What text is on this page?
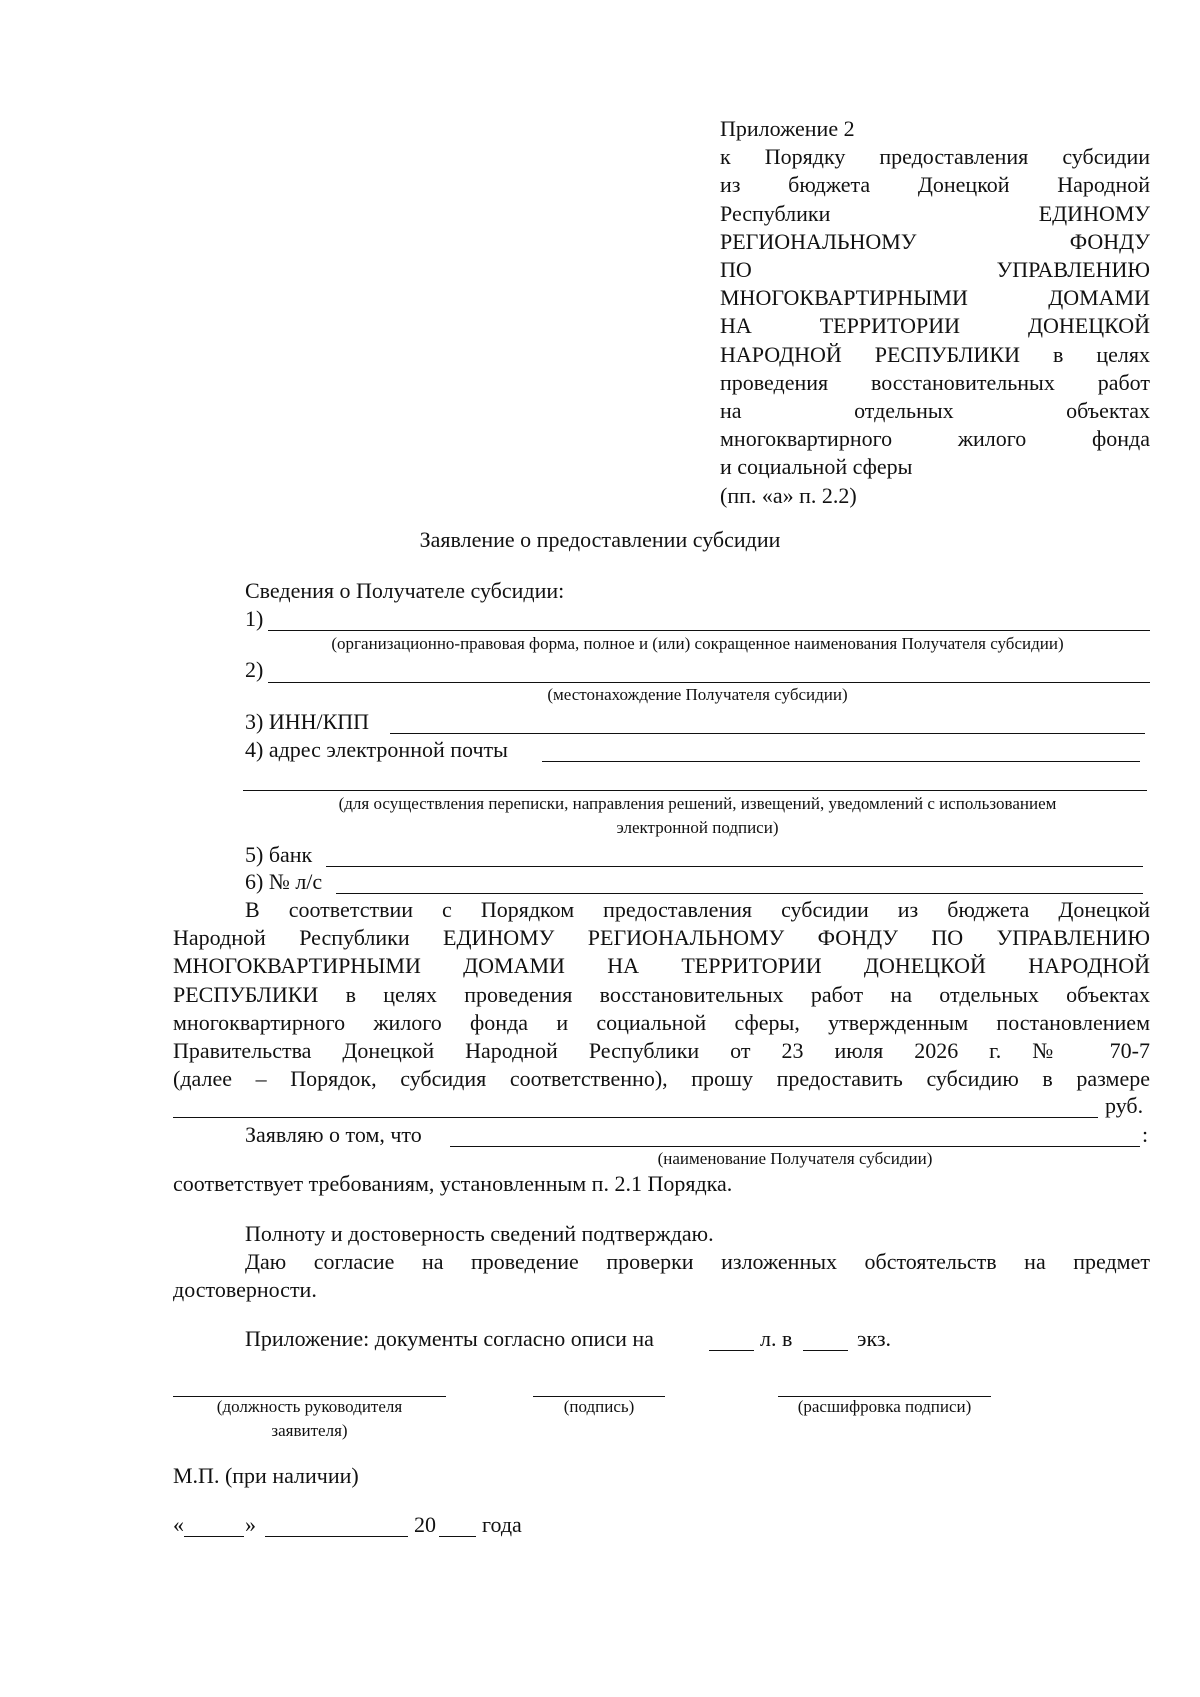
Приложение 2
к Порядку предоставления субсидии
из бюджета Донецкой Народной
Республики ЕДИНОМУ
РЕГИОНАЛЬНОМУ ФОНДУ
ПО УПРАВЛЕНИЮ
МНОГОКВАРТИРНЫМИ ДОМАМИ
НА ТЕРРИТОРИИ ДОНЕЦКОЙ
НАРОДНОЙ РЕСПУБЛИКИ в целях
проведения восстановительных работ
на отдельных объектах
многоквартирного жилого фонда
и социальной сферы
(пп. «а» п. 2.2)
Заявление о предоставлении субсидии
Сведения о Получателе субсидии:
1)
(организационно-правовая форма, полное и (или) сокращенное наименования Получателя субсидии)
2)
(местонахождение Получателя субсидии)
3) ИНН/КПП
4) адрес электронной почты
(для осуществления переписки, направления решений, извещений, уведомлений с использованием
электронной подписи)
5) банк
6) № л/с
В соответствии с Порядком предоставления субсидии из бюджета Донецкой
Народной Республики ЕДИНОМУ РЕГИОНАЛЬНОМУ ФОНДУ ПО УПРАВЛЕНИЮ
МНОГОКВАРТИРНЫМИ ДОМАМИ НА ТЕРРИТОРИИ ДОНЕЦКОЙ НАРОДНОЙ
РЕСПУБЛИКИ в целях проведения восстановительных работ на отдельных объектах
многоквартирного жилого фонда и социальной сферы, утвержденным постановлением
Правительства Донецкой Народной Республики от 23 июля 2026 г. № 70-7
(далее – Порядок, субсидия соответственно), прошу предоставить субсидию в размере
руб.
Заявляю о том, что	:
(наименование Получателя субсидии)
соответствует требованиям, установленным п. 2.1 Порядка.
Полноту и достоверность сведений подтверждаю.
Даю согласие на проведение проверки изложенных обстоятельств на предмет
достоверности.
Приложение: документы согласно описи на	л. в	экз.
(должность руководителя
заявителя)
(подпись)	(расшифровка подписи)
М.П. (при наличии)
«	»	20 года
